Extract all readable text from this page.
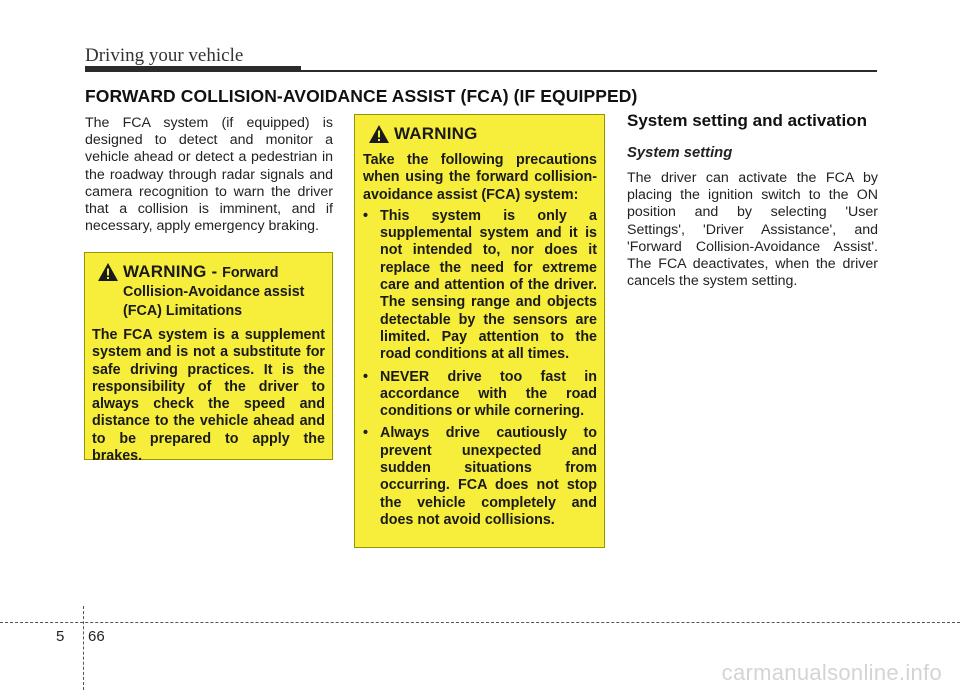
Driving your vehicle
FORWARD COLLISION-AVOIDANCE ASSIST (FCA) (IF EQUIPPED)
The FCA system (if equipped) is designed to detect and monitor a vehicle ahead or detect a pedestrian in the roadway through radar signals and camera recognition to warn the driver that a collision is imminent, and if necessary, apply emergency braking.
WARNING - Forward
Collision-Avoidance assist (FCA) Limitations
The FCA system is a supplement system and is not a substitute for safe driving practices. It is the responsibility of the driver to always check the speed and distance to the vehicle ahead and to be prepared to apply the brakes.
WARNING
Take the following precautions when using the forward collision-avoidance assist (FCA) system:
• This system is only a supplemental system and it is not intended to, nor does it replace the need for extreme care and attention of the driver. The sensing range and objects detectable by the sensors are limited. Pay attention to the road conditions at all times.
• NEVER drive too fast in accordance with the road conditions or while cornering.
• Always drive cautiously to prevent unexpected and sudden situations from occurring. FCA does not stop the vehicle completely and does not avoid collisions.
System setting and activation
System setting
The driver can activate the FCA by placing the ignition switch to the ON position and by selecting 'User Settings', 'Driver Assistance', and 'Forward Collision-Avoidance Assist'. The FCA deactivates, when the driver cancels the system setting.
5 66
carmanualsonline.info
